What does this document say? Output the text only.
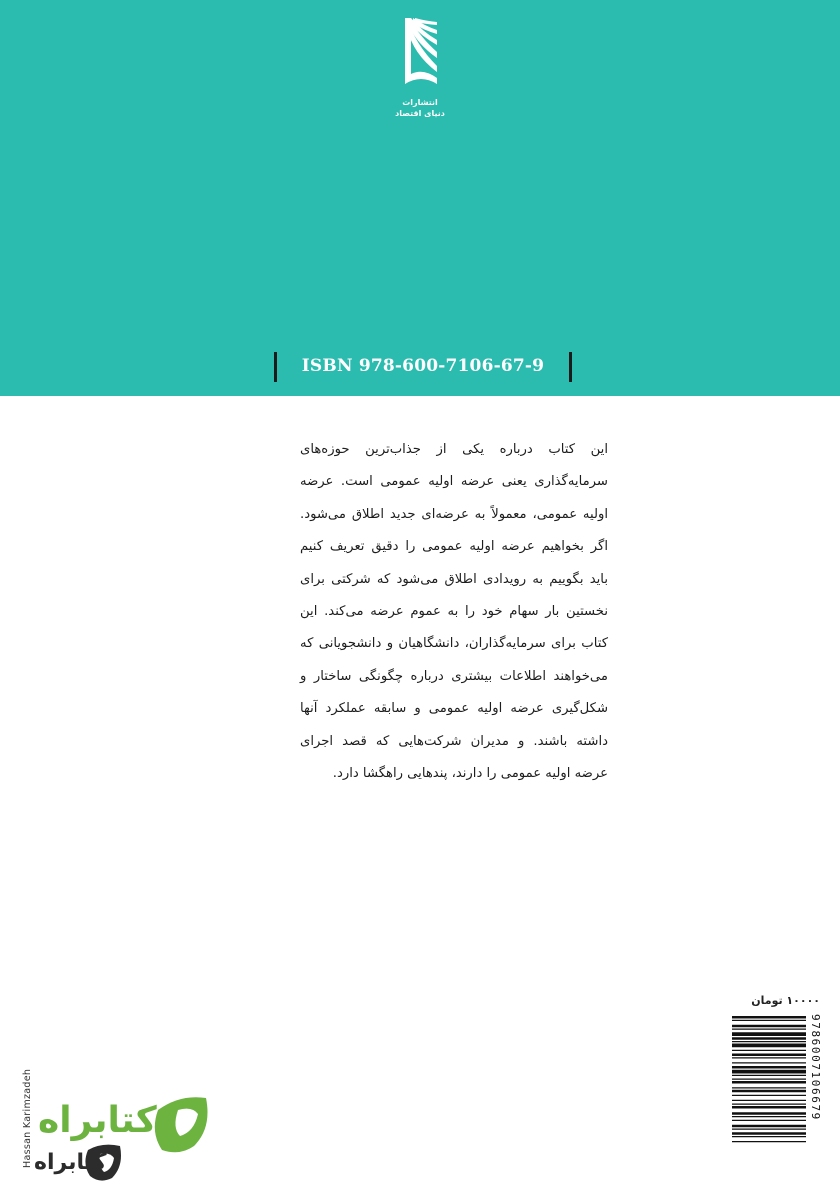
انتشارات
دنیای اقتصاد
ISBN 978-600-7106-67-9

این کتاب درباره یکی از جذاب‌ترین حوزه‌های سرمایه‌گذاری یعنی عرضه اولیه عمومی است. عرضه اولیه عمومی، معمولاً به عرضه‌ای جدید اطلاق می‌شود. اگر بخواهیم عرضه اولیه عمومی را دقیق تعریف کنیم باید بگوییم به رویدادی اطلاق می‌شود که شرکتی برای نخستین بار سهام خود را به عموم عرضه می‌کند. این کتاب برای سرمایه‌گذاران، دانشگاهیان و دانشجویانی که می‌خواهند اطلاعات بیشتری درباره چگونگی ساختار و شکل‌گیری عرضه اولیه عمومی و سابقه عملکرد آنها داشته باشند. و مدیران شرکت‌هایی که قصد اجرای عرضه اولیه عمومی را دارند، پندهایی راهگشا دارد.

۱۰۰۰۰ تومان
9786007106679
Hassan Karimzadeh کتابراه
کتابراه
